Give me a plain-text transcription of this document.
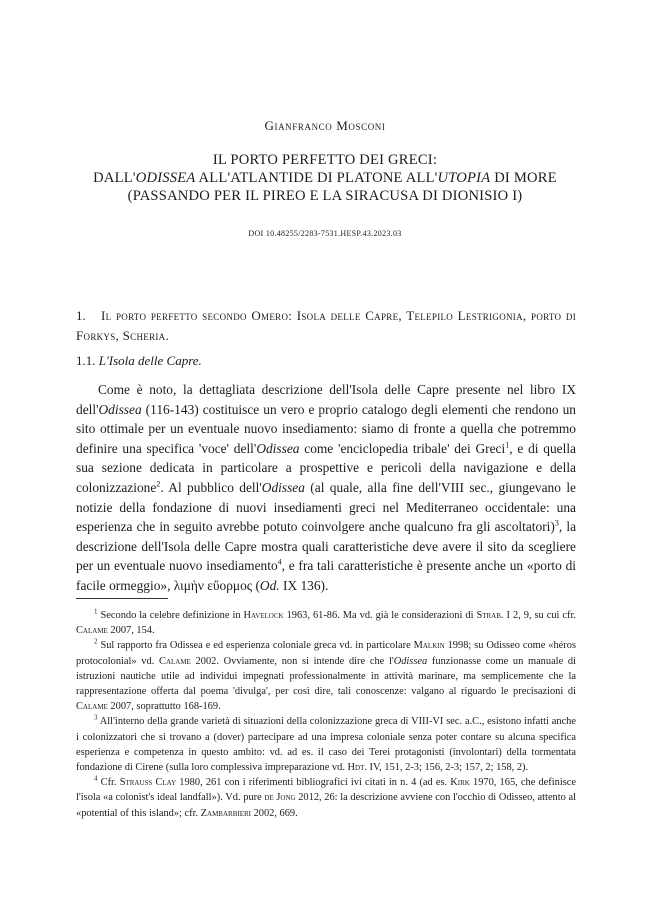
Gianfranco Mosconi
IL PORTO PERFETTO DEI GRECI:
DALL'ODISSEA ALL'ATLANTIDE DI PLATONE ALL'UTOPIA DI MORE
(PASSANDO PER IL PIREO E LA SIRACUSA DI DIONISIO I)
DOI 10.48255/2283-7531.HESP.43.2023.03
1. Il porto perfetto secondo Omero: Isola delle Capre, Telepilo Lestrigonia, porto di Forkys, Scheria.
1.1. L'Isola delle Capre.

Come è noto, la dettagliata descrizione dell'Isola delle Capre presente nel libro IX dell'Odissea (116-143) costituisce un vero e proprio catalogo degli elementi che rendono un sito ottimale per un eventuale nuovo insediamento: siamo di fronte a quella che potremmo definire una specifica 'voce' dell'Odissea come 'enciclopedia tribale' dei Greci$^1$, e di quella sua sezione dedicata in particolare a prospettive e pericoli della navigazione e della colonizzazione$^2$. Al pubblico dell'Odissea (al quale, alla fine dell'VIII sec., giungevano le notizie della fondazione di nuovi insediamenti greci nel Mediterraneo occidentale: una esperienza che in seguito avrebbe potuto coinvolgere anche qualcuno fra gli ascoltatori)$^3$, la descrizione dell'Isola delle Capre mostra quali caratteristiche deve avere il sito da scegliere per un eventuale nuovo insediamento$^4$, e fra tali caratteristiche è presente anche un «porto di facile ormeggio», λιμὴν εὔορμος (Od. IX 136).

$^1$ Secondo la celebre definizione in Havelock 1963, 61-86. Ma vd. già le considerazioni di Strab. I 2, 9, su cui cfr. Calame 2007, 154.

$^2$ Sul rapporto fra Odissea e ed esperienza coloniale greca vd. in particolare Malkin 1998; su Odisseo come «héros protocolonial» vd. Calame 2002. Ovviamente, non si intende dire che l'Odissea funzionasse come un manuale di istruzioni nautiche utile ad individui impegnati professionalmente in attività marinare, ma semplicemente che la rappresentazione offerta dal poema 'divulga', per così dire, tali conoscenze: valgano al riguardo le precisazioni di Calame 2007, soprattutto 168-169.

$^3$ All'interno della grande varietà di situazioni della colonizzazione greca di VIII-VI sec. a.C., esistono infatti anche i colonizzatori che si trovano a (dover) partecipare ad una impresa coloniale senza poter contare su alcuna specifica esperienza e competenza in questo ambito: vd. ad es. il caso dei Terei protagonisti (involontari) della tormentata fondazione di Cirene (sulla loro complessiva impreparazione vd. Hdt. IV, 151, 2-3; 156, 2-3; 157, 2; 158, 2).

$^4$ Cfr. Strauss Clay 1980, 261 con i riferimenti bibliografici ivi citati in n. 4 (ad es. Kirk 1970, 165, che definisce l'isola «a colonist's ideal landfall»). Vd. pure de Jong 2012, 26: la descrizione avviene con l'occhio di Odisseo, attento al «potential of this island»; cfr. Zambarbieri 2002, 669.
